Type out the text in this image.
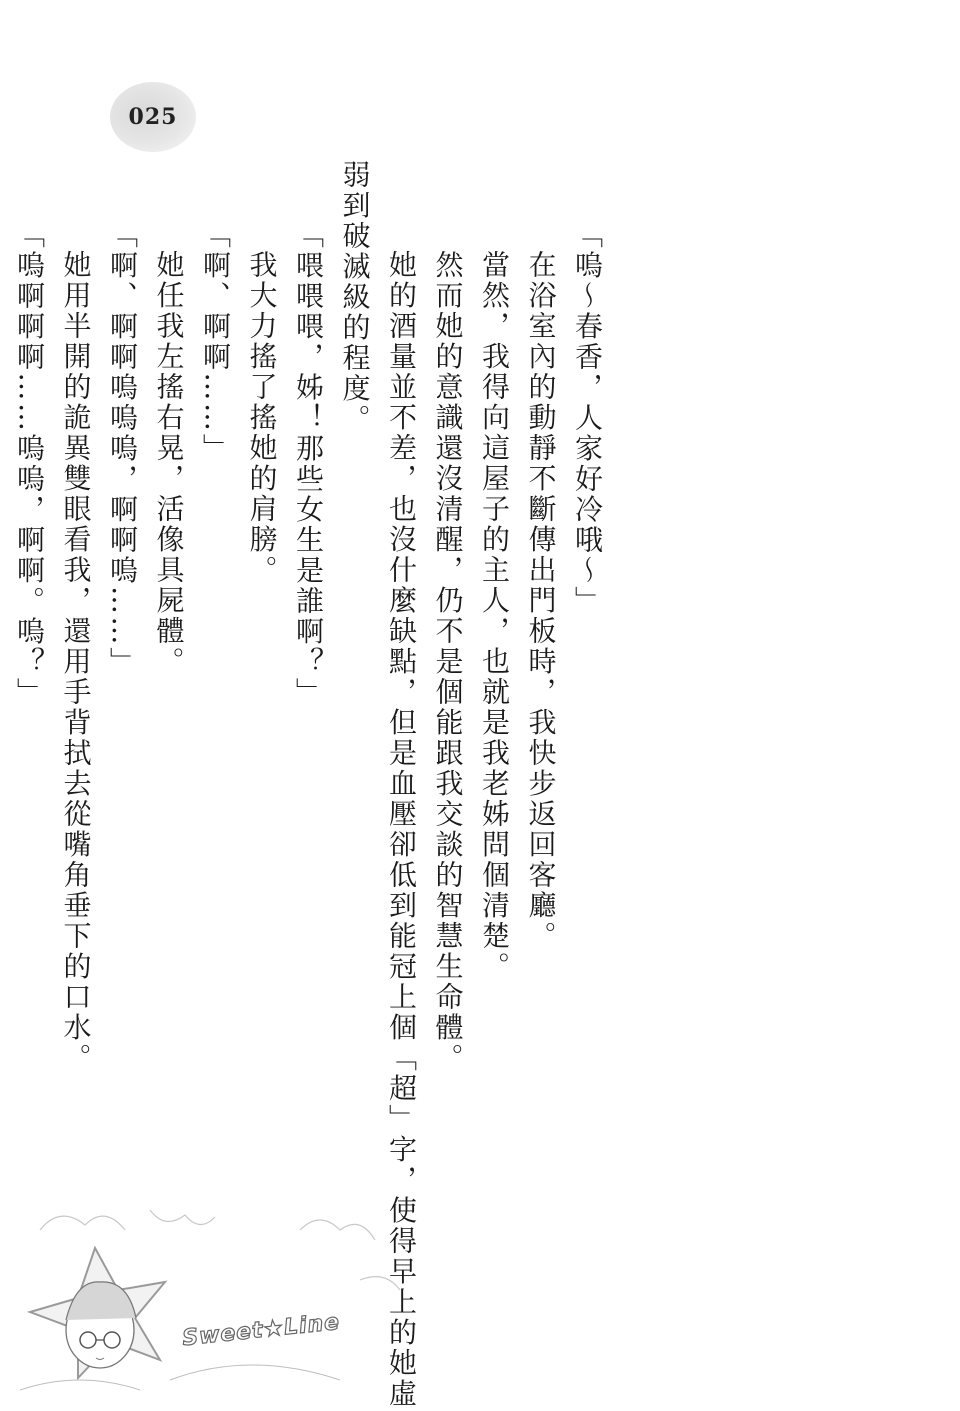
025
「嗚～春香，人家好冷哦～」
在浴室內的動靜不斷傳出門板時，我快步返回客廳。
當然，我得向這屋子的主人，也就是我老姊問個清楚。
然而她的意識還沒清醒，仍不是個能跟我交談的智慧生命體。
她的酒量並不差，也沒什麼缺點，但是血壓卻低到能冠上個「超」字，使得早上的她虛
弱到破滅級的程度。
「喂喂喂，姊！那些女生是誰啊？」
我大力搖了搖她的肩膀。
「啊、啊啊……」
她任我左搖右晃，活像具屍體。
「啊、啊啊嗚嗚嗚，啊啊嗚……」
她用半開的詭異雙眼看我，還用手背拭去從嘴角垂下的口水。
「嗚啊啊啊……嗚嗚，啊啊。嗚？」
Sweet★Line
